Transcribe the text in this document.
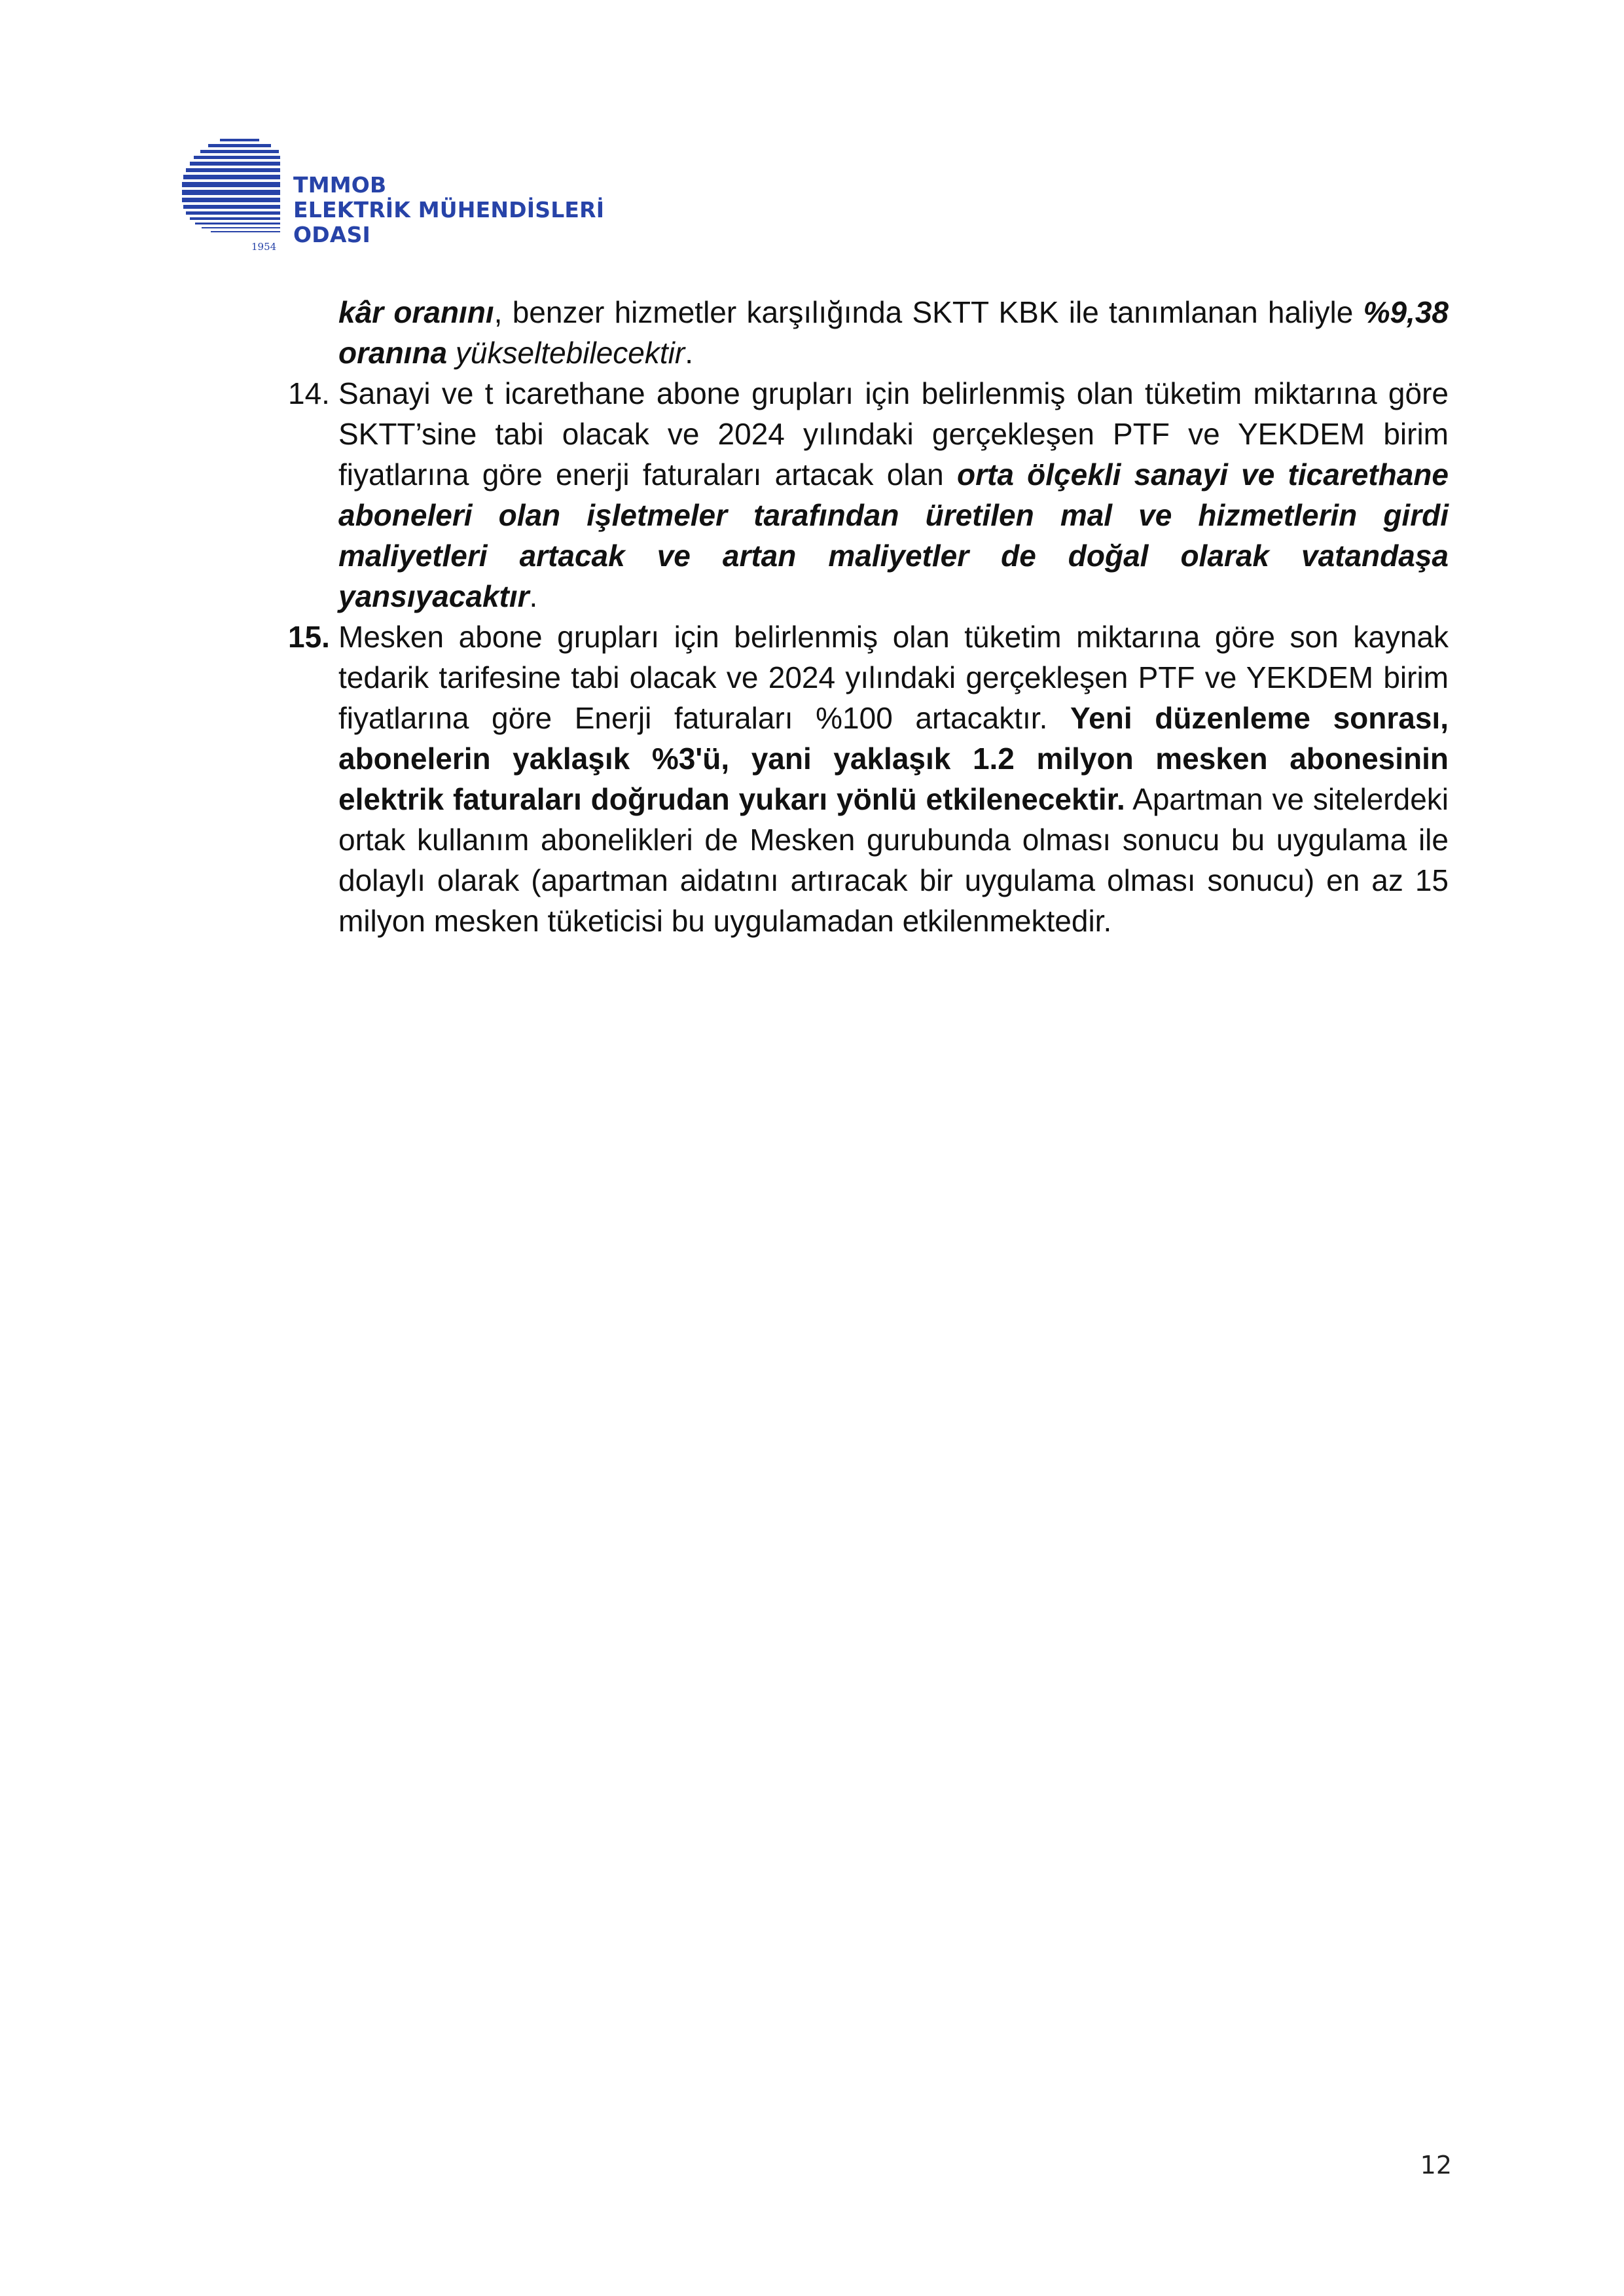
1954
TMMOB
ELEKTRİK MÜHENDİSLERİ ODASI

kâr oranını, benzer hizmetler karşılığında SKTT KBK ile tanımlanan haliyle %9,38 oranına yükseltebilecektir.

14. Sanayi ve t icarethane abone grupları için belirlenmiş olan tüketim miktarına göre SKTT’sine tabi olacak ve 2024 yılındaki gerçekleşen PTF ve YEKDEM birim fiyatlarına göre enerji faturaları artacak olan orta ölçekli sanayi ve ticarethane aboneleri olan işletmeler tarafından üretilen mal ve hizmetlerin girdi maliyetleri artacak ve artan maliyetler de doğal olarak vatandaşa yansıyacaktır.
15. Mesken abone grupları için belirlenmiş olan tüketim miktarına göre son kaynak tedarik tarifesine tabi olacak ve 2024 yılındaki gerçekleşen PTF ve YEKDEM birim fiyatlarına göre Enerji faturaları %100 artacaktır. Yeni düzenleme sonrası, abonelerin yaklaşık %3'ü, yani yaklaşık 1.2 milyon mesken abonesinin elektrik faturaları doğrudan yukarı yönlü etkilenecektir. Apartman ve sitelerdeki ortak kullanım abonelikleri de Mesken gurubunda olması sonucu bu uygulama ile dolaylı olarak (apartman aidatını artıracak bir uygulama olması sonucu) en az 15 milyon mesken tüketicisi bu uygulamadan etkilenmektedir.
12
